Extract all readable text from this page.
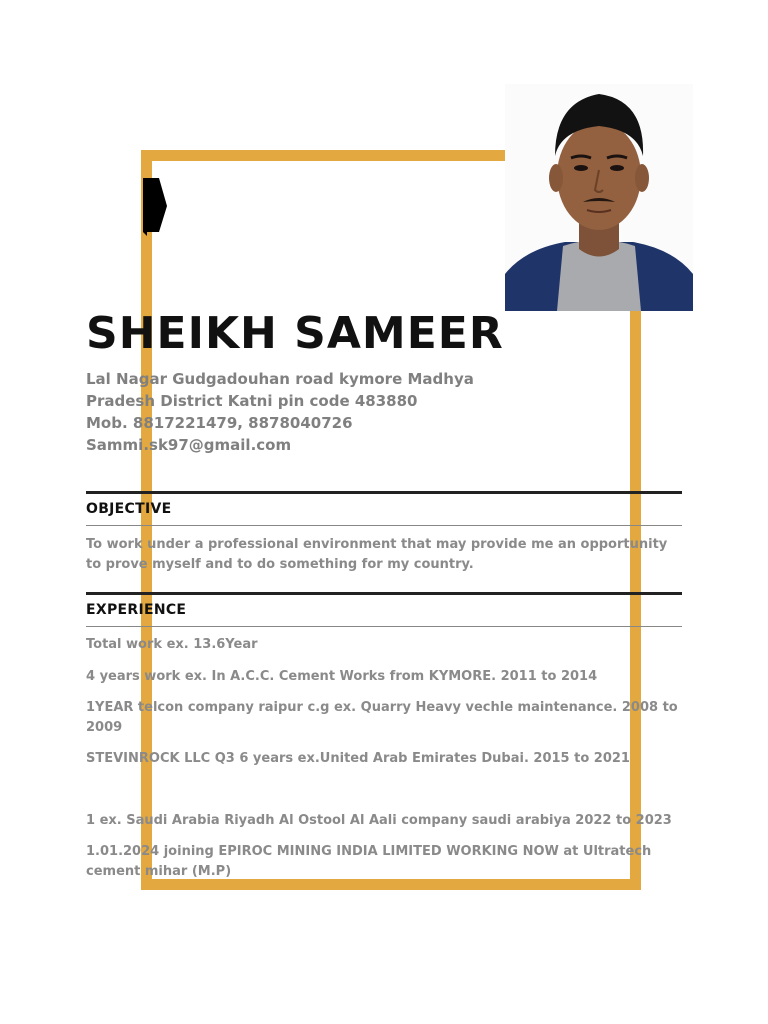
SHEIKH SAMEER
Lal Nagar Gudgadouhan road kymore Madhya
Pradesh District Katni pin code 483880
Mob. 8817221479, 8878040726
Sammi.sk97@gmail.com
OBJECTIVE
To work under a professional environment that may provide me an opportunity to prove myself and to do something for my country.
EXPERIENCE
Total work ex. 13.6Year
4 years work ex. In A.C.C. Cement Works from KYMORE. 2011 to 2014
1YEAR telcon company raipur c.g ex. Quarry Heavy vechle maintenance. 2008 to 2009
STEVINROCK LLC Q3 6 years ex.United Arab Emirates Dubai. 2015 to 2021
1 ex. Saudi Arabia Riyadh Al Ostool Al Aali company saudi arabiya 2022 to 2023
1.01.2024 joining EPIROC MINING INDIA LIMITED WORKING NOW at Ultratech cement mihar (M.P)
